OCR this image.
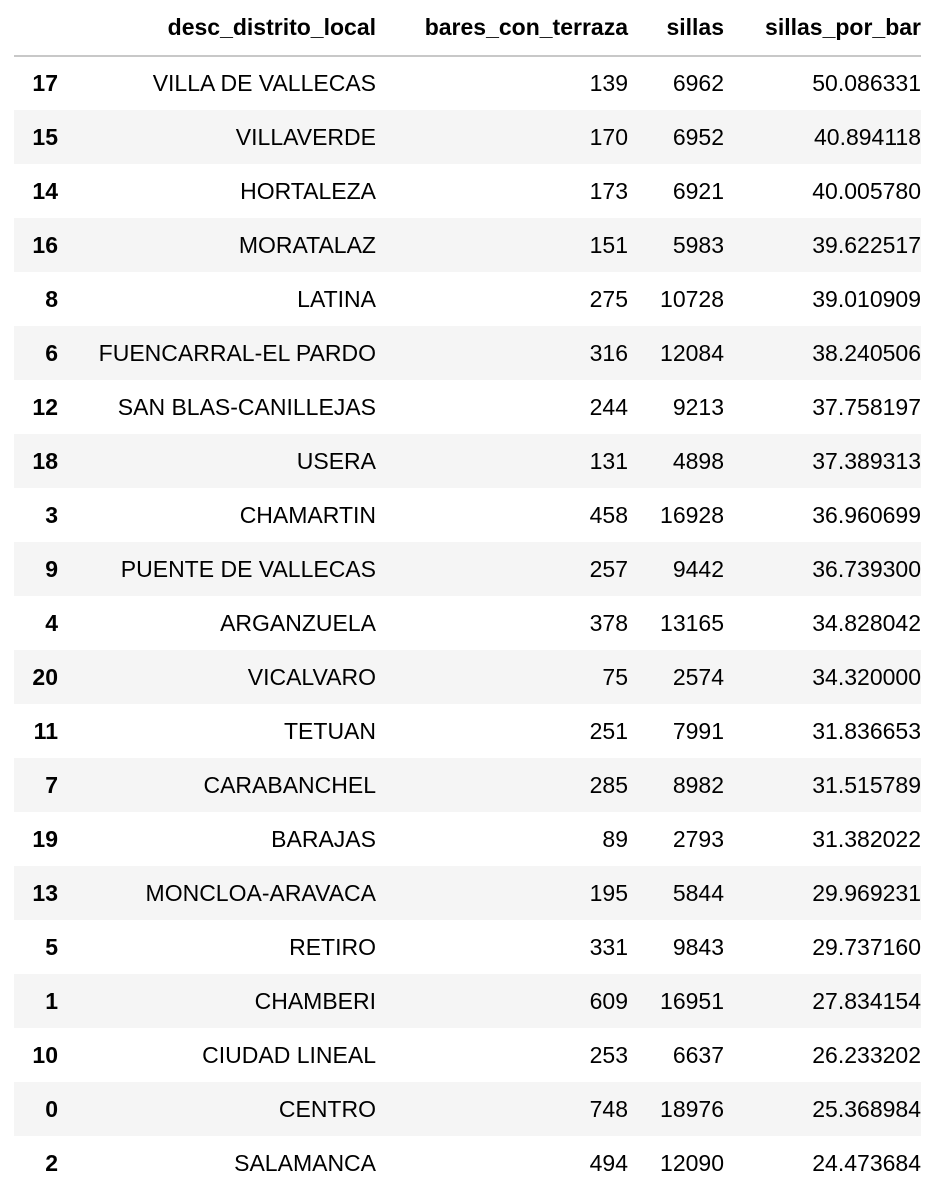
	desc_distrito_local	bares_con_terraza	sillas	sillas_por_bar
17	VILLA DE VALLECAS	139	6962	50.086331
15	VILLAVERDE	170	6952	40.894118
14	HORTALEZA	173	6921	40.005780
16	MORATALAZ	151	5983	39.622517
8	LATINA	275	10728	39.010909
6	FUENCARRAL-EL PARDO	316	12084	38.240506
12	SAN BLAS-CANILLEJAS	244	9213	37.758197
18	USERA	131	4898	37.389313
3	CHAMARTIN	458	16928	36.960699
9	PUENTE DE VALLECAS	257	9442	36.739300
4	ARGANZUELA	378	13165	34.828042
20	VICALVARO	75	2574	34.320000
11	TETUAN	251	7991	31.836653
7	CARABANCHEL	285	8982	31.515789
19	BARAJAS	89	2793	31.382022
13	MONCLOA-ARAVACA	195	5844	29.969231
5	RETIRO	331	9843	29.737160
1	CHAMBERI	609	16951	27.834154
10	CIUDAD LINEAL	253	6637	26.233202
0	CENTRO	748	18976	25.368984
2	SALAMANCA	494	12090	24.473684
